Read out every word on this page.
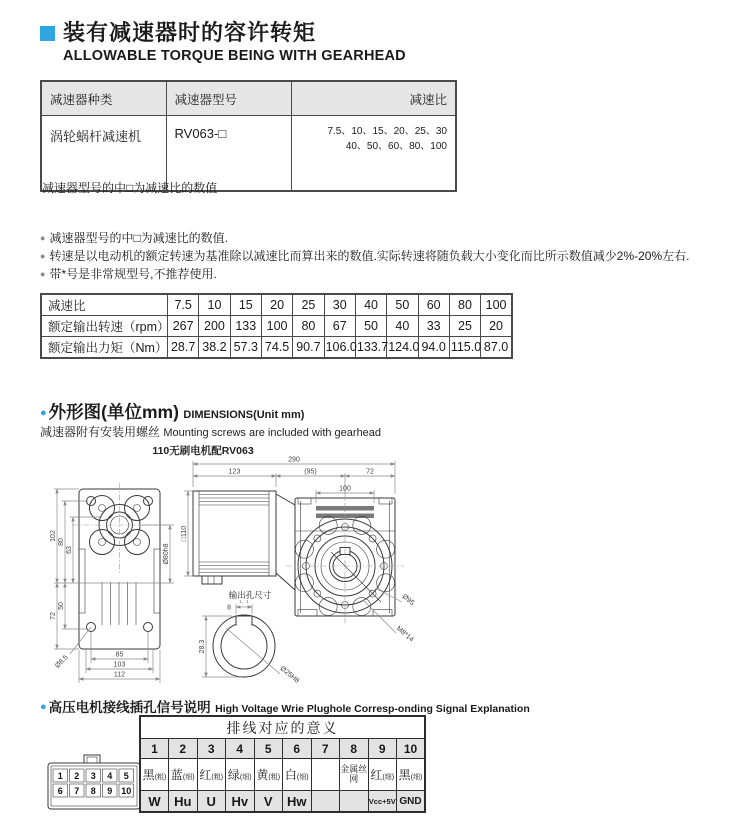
装有减速器时的容许转矩
ALLOWABLE TORQUE BEING WITH GEARHEAD
减速器种类	减速器型号	减速比
涡轮蜗杆减速机	RV063-□	7.5、10、15、20、25、30
40、50、60、80、100
减速器型号的中□为减速比的数值
● 减速器型号的中□为减速比的数值.
● 转速是以电动机的额定转速为基准除以减速比而算出来的数值.实际转速将随负载大小变化而比所示数值减少2%-20%左右.
● 带*号是非常规型号,不推荐使用.
减速比	7.5	10	15	20	25	30	40	50	60	80	100
额定输出转速（rpm）	267	200	133	100	80	67	50	40	33	25	20
额定输出力矩（Nm）	28.7	38.2	57.3	74.5	90.7	106.0	133.7	124.0	94.0	115.0	87.0
● 外形图(单位mm) DIMENSIONS(Unit mm)
减速器附有安装用螺丝 Mounting screws are included with gearhead
110无刷电机配RV063
102
72
80
50
63
85
103
112
Ø8.5
Ø80h8
□110
290
123	(95)	72
100
Ø95
M8*14
输出孔尺寸
8
1，1
28.3
Ø25H8
● 高压电机接线插孔信号说明 High Voltage Wrie Plughole Corresp-onding Signal Explanation
1 2 3 4 5
6 7 8 9 10
排线对应的意义									
1	2	3	4	5	6	7	8	9	10
黑(粗)	蓝(细)	红(粗)	绿(细)	黄(粗)	白(细)		金属丝网	红(细)	黑(细)
W	Hu	U	Hv	V	Hw			Vcc+5V	GND
